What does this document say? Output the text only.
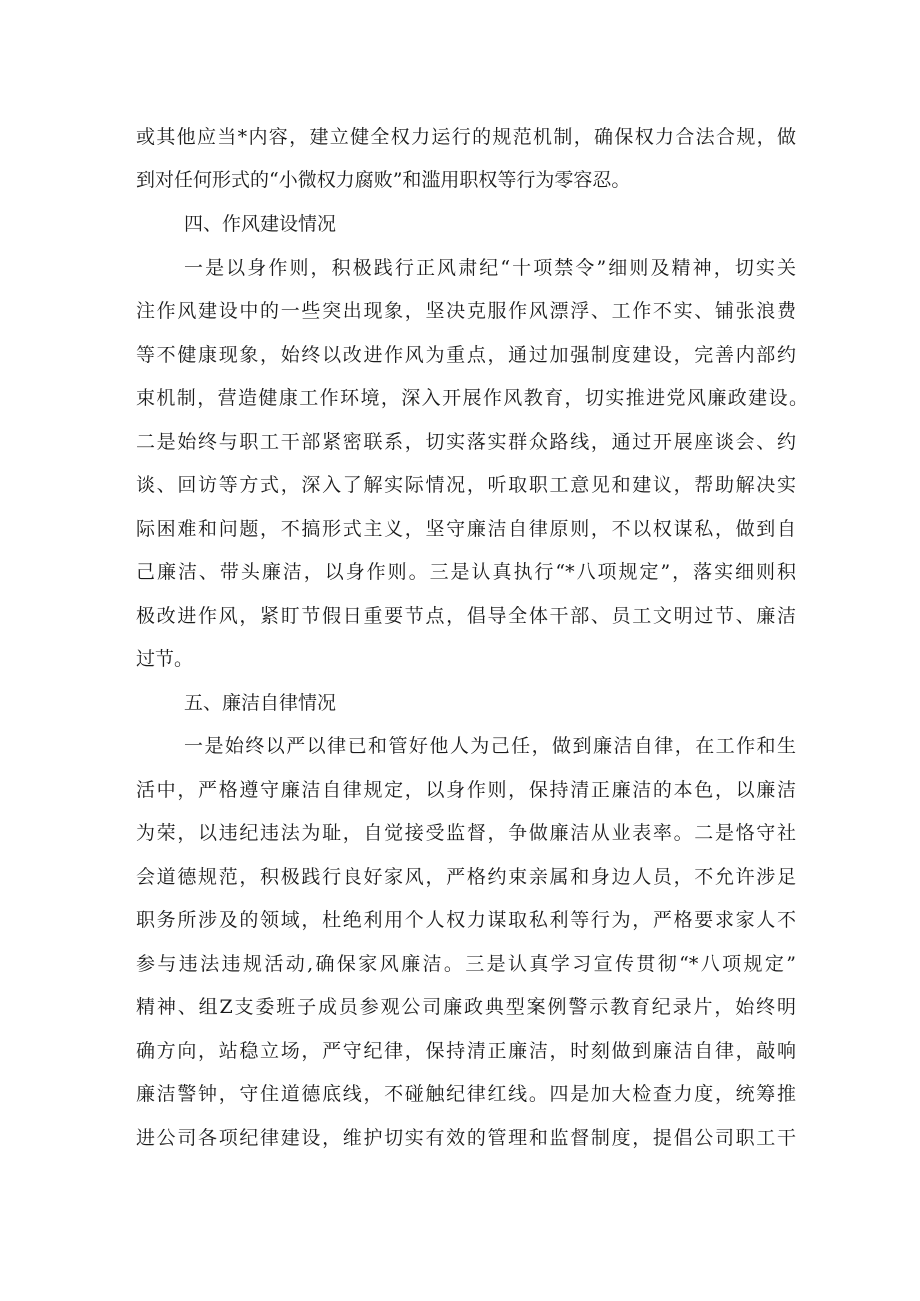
或其他应当*内容，建立健全权力运行的规范机制，确保权力合法合规，做
到对任何形式的“小微权力腐败”和滥用职权等行为零容忍。
四、作风建设情况
一是以身作则，积极践行正风肃纪“十项禁令”细则及精神，切实关
注作风建设中的一些突出现象，坚决克服作风漂浮、工作不实、铺张浪费
等不健康现象，始终以改进作风为重点，通过加强制度建设，完善内部约
束机制，营造健康工作环境，深入开展作风教育，切实推进党风廉政建设。
二是始终与职工干部紧密联系，切实落实群众路线，通过开展座谈会、约
谈、回访等方式，深入了解实际情况，听取职工意见和建议，帮助解决实
际困难和问题，不搞形式主义，坚守廉洁自律原则，不以权谋私，做到自
己廉洁、带头廉洁，以身作则。三是认真执行“*八项规定”，落实细则积
极改进作风，紧盯节假日重要节点，倡导全体干部、员工文明过节、廉洁
过节。
五、廉洁自律情况
一是始终以严以律已和管好他人为己任，做到廉洁自律，在工作和生
活中，严格遵守廉洁自律规定，以身作则，保持清正廉洁的本色，以廉洁
为荣，以违纪违法为耻，自觉接受监督，争做廉洁从业表率。二是恪守社
会道德规范，积极践行良好家风，严格约束亲属和身边人员，不允许涉足
职务所涉及的领域，杜绝利用个人权力谋取私利等行为，严格要求家人不
参与违法违规活动,确保家风廉洁。三是认真学习宣传贯彻“*八项规定”
精神、组Z支委班子成员参观公司廉政典型案例警示教育纪录片，始终明
确方向，站稳立场，严守纪律，保持清正廉洁，时刻做到廉洁自律，敲响
廉洁警钟，守住道德底线，不碰触纪律红线。四是加大检查力度，统筹推
进公司各项纪律建设，维护切实有效的管理和监督制度，提倡公司职工干
